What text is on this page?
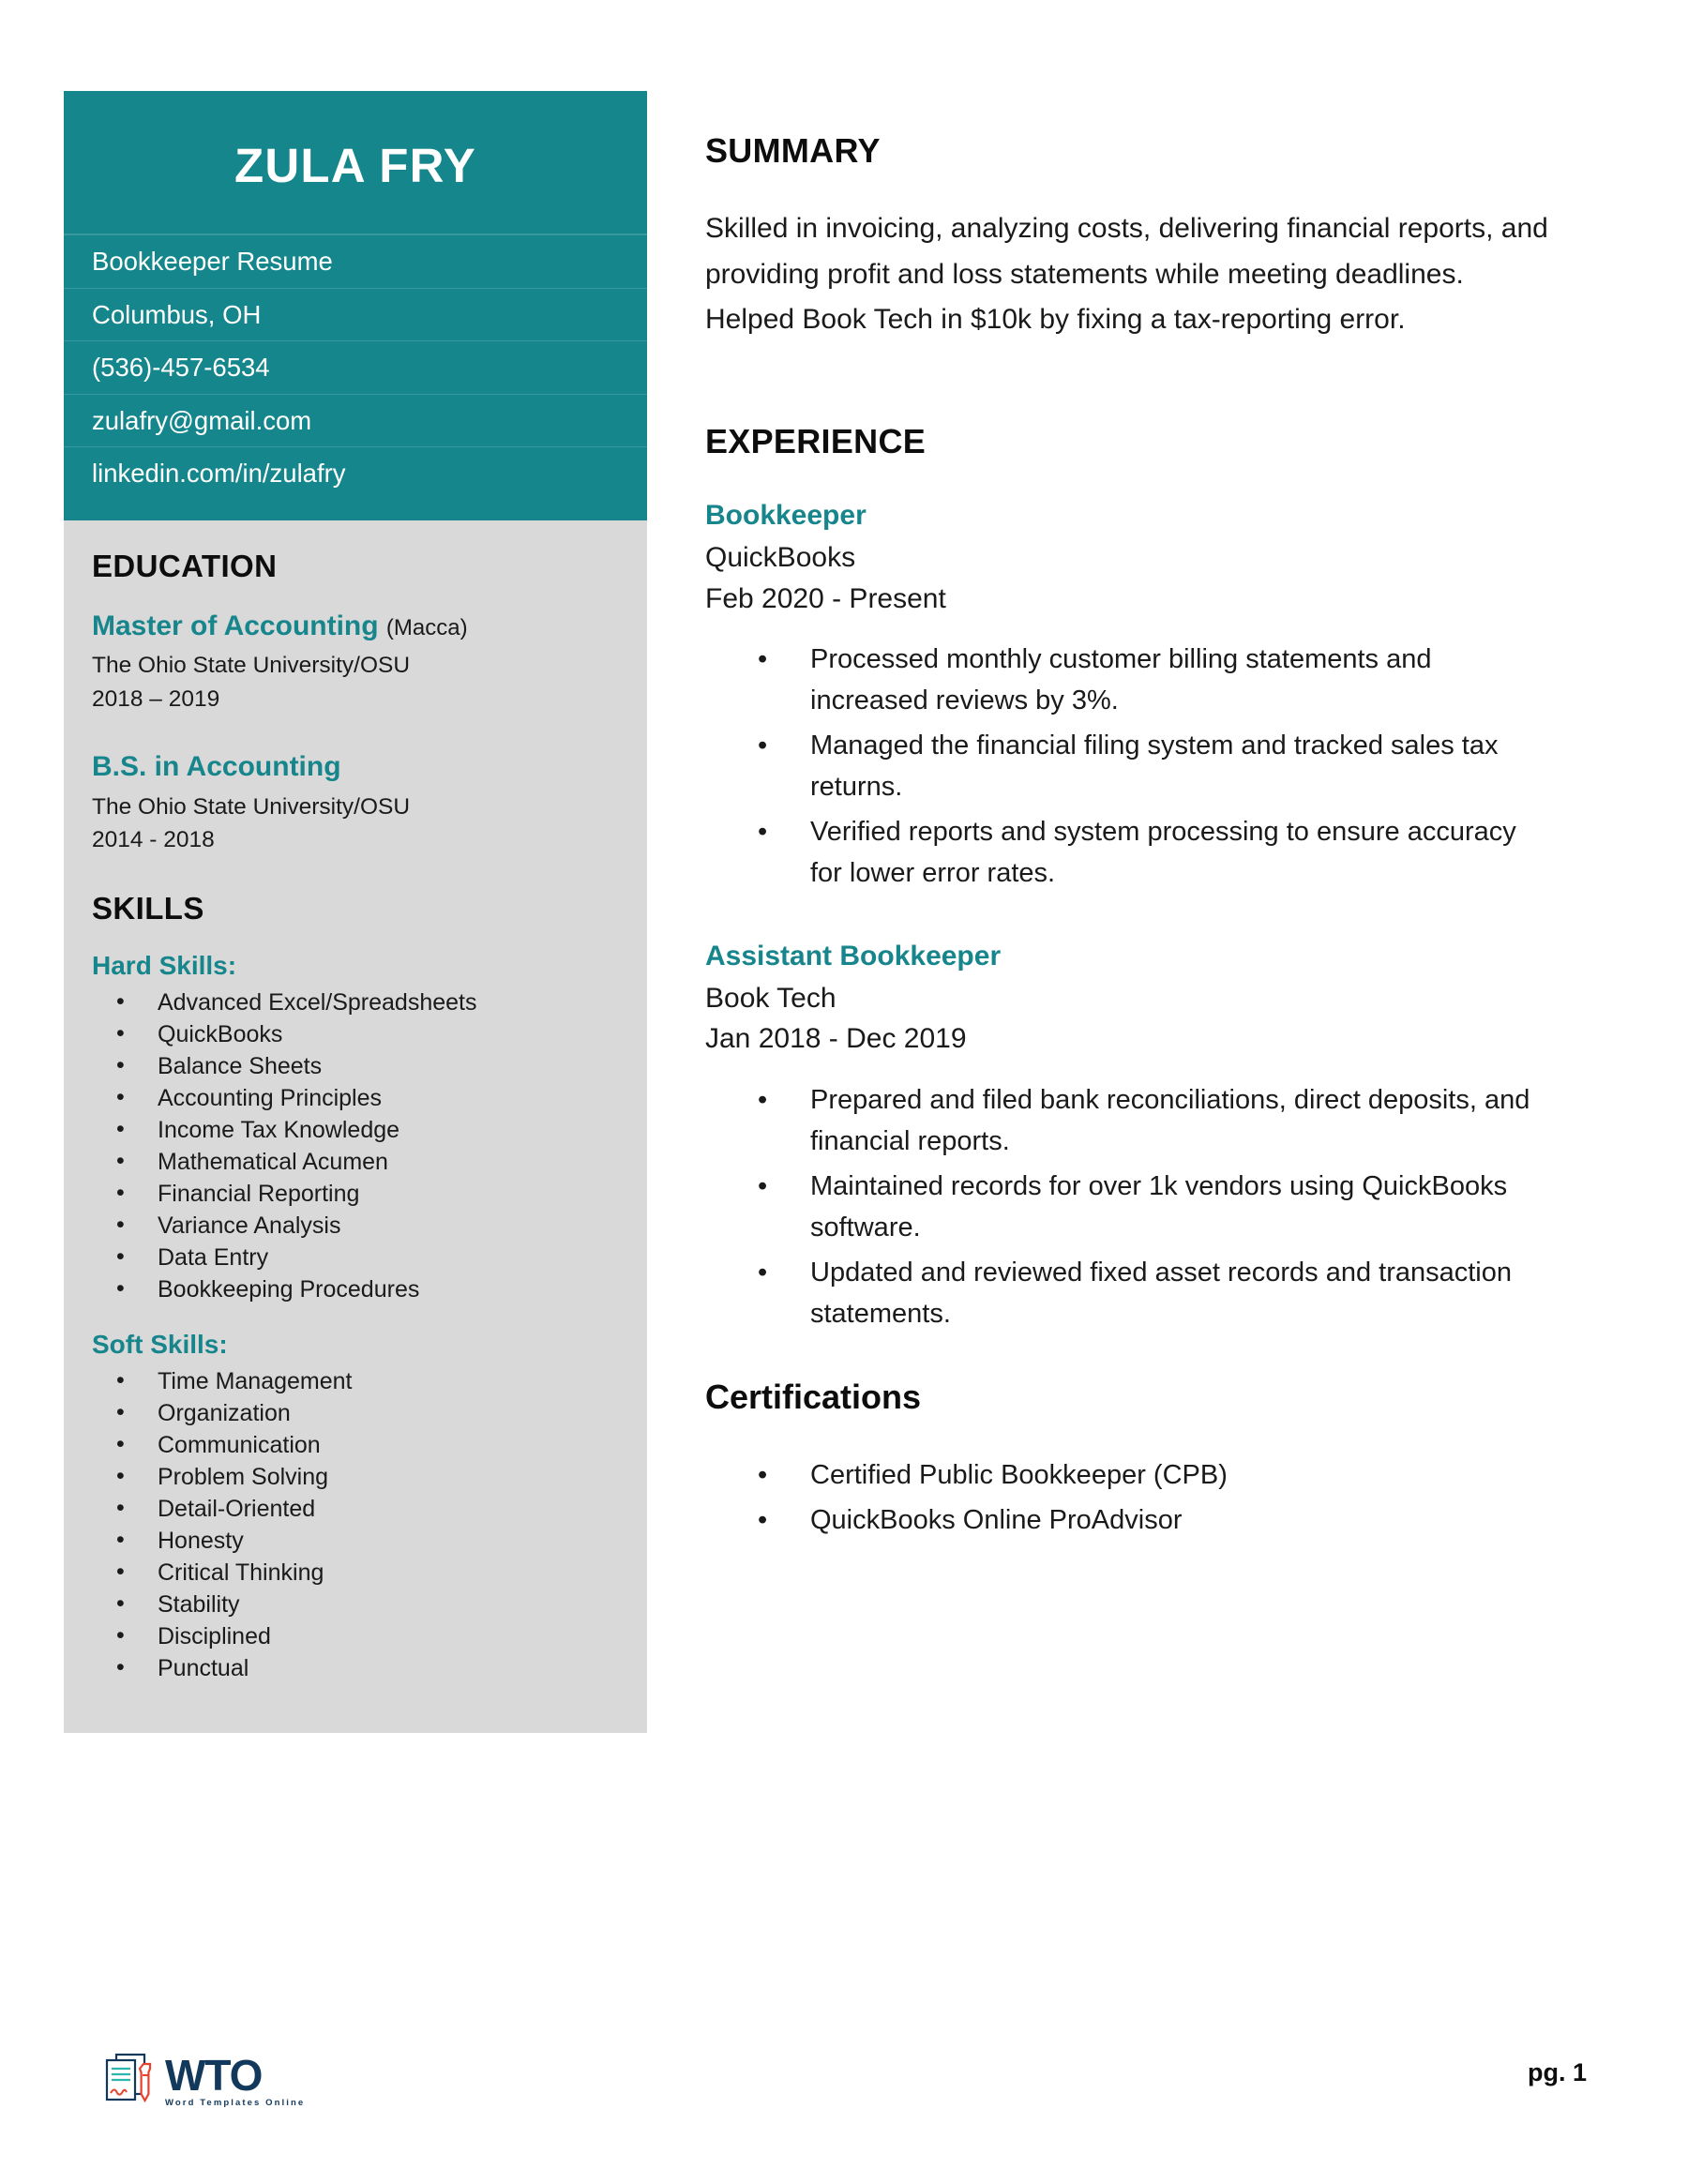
ZULA FRY
Bookkeeper Resume
Columbus, OH
(536)-457-6534
zulafry@gmail.com
linkedin.com/in/zulafry
EDUCATION
Master of Accounting (Macca)
The Ohio State University/OSU
2018 – 2019
B.S. in Accounting
The Ohio State University/OSU
2014 - 2018
SKILLS
Hard Skills:
• Advanced Excel/Spreadsheets
• QuickBooks
• Balance Sheets
• Accounting Principles
• Income Tax Knowledge
• Mathematical Acumen
• Financial Reporting
• Variance Analysis
• Data Entry
• Bookkeeping Procedures
Soft Skills:
• Time Management
• Organization
• Communication
• Problem Solving
• Detail-Oriented
• Honesty
• Critical Thinking
• Stability
• Disciplined
• Punctual
SUMMARY

Skilled in invoicing, analyzing costs, delivering financial reports, and providing profit and loss statements while meeting deadlines. Helped Book Tech in $10k by fixing a tax-reporting error.

EXPERIENCE
Bookkeeper
QuickBooks
Feb 2020 - Present
• Processed monthly customer billing statements and increased reviews by 3%.
• Managed the financial filing system and tracked sales tax returns.
• Verified reports and system processing to ensure accuracy for lower error rates.
Assistant Bookkeeper
Book Tech
Jan 2018 - Dec 2019
• Prepared and filed bank reconciliations, direct deposits, and financial reports.
• Maintained records for over 1k vendors using QuickBooks software.
• Updated and reviewed fixed asset records and transaction statements.
Certifications
• Certified Public Bookkeeper (CPB)
• QuickBooks Online ProAdvisor
WTO
Word Templates Online
pg. 1
